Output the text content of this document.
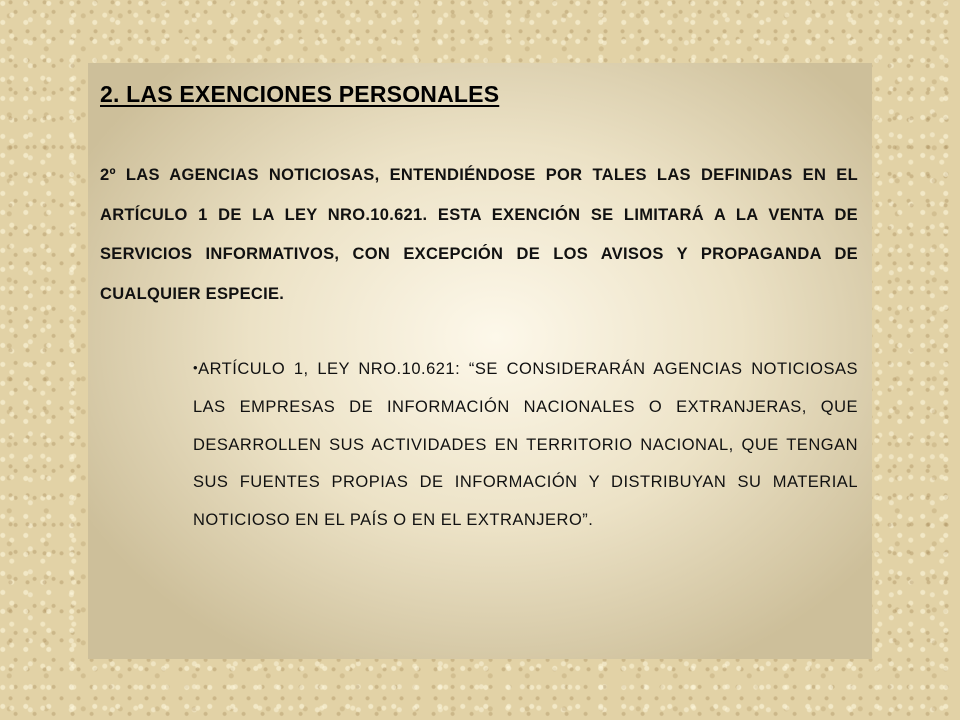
2. LAS EXENCIONES PERSONALES

2º LAS AGENCIAS NOTICIOSAS, ENTENDIÉNDOSE POR TALES LAS DEFINIDAS EN EL ARTÍCULO 1 DE LA LEY NRO.10.621. ESTA EXENCIÓN SE LIMITARÁ A LA VENTA DE SERVICIOS INFORMATIVOS, CON EXCEPCIÓN DE LOS AVISOS Y PROPAGANDA DE CUALQUIER ESPECIE.

•ARTÍCULO 1, LEY NRO.10.621: “SE CONSIDERARÁN AGENCIAS NOTICIOSAS LAS EMPRESAS DE INFORMACIÓN NACIONALES O EXTRANJERAS, QUE DESARROLLEN SUS ACTIVIDADES EN TERRITORIO NACIONAL, QUE TENGAN SUS FUENTES PROPIAS DE INFORMACIÓN Y DISTRIBUYAN SU MATERIAL NOTICIOSO EN EL PAÍS O EN EL EXTRANJERO”.
